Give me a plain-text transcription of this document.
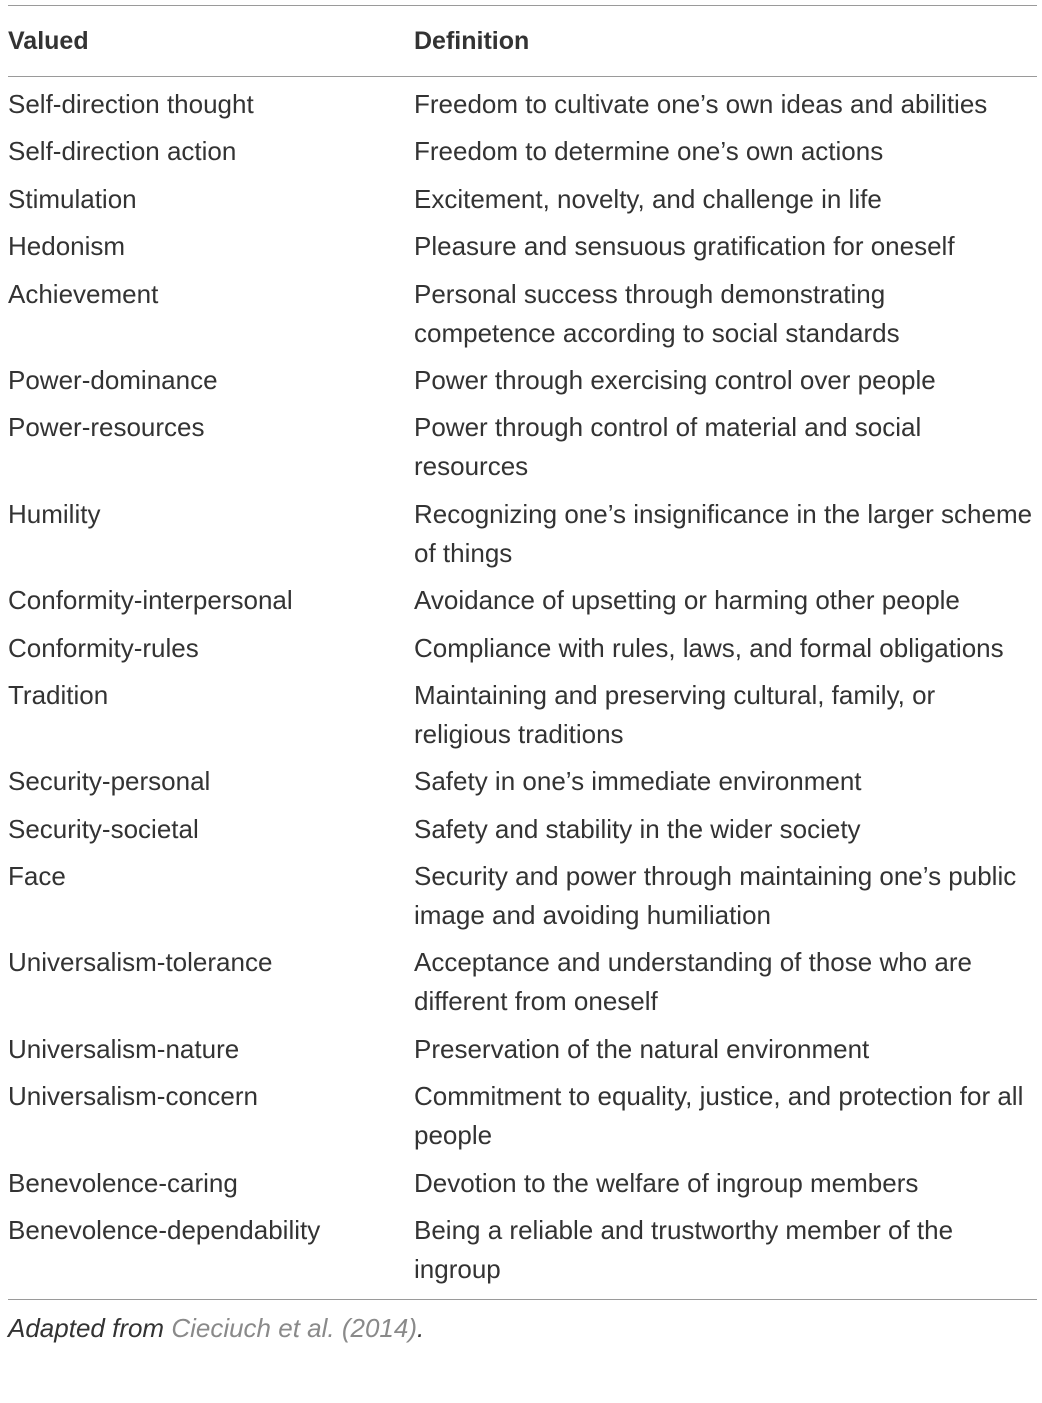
Valued	Definition
Self-direction thought	Freedom to cultivate one’s own ideas and abilities
Self-direction action	Freedom to determine one’s own actions
Stimulation	Excitement, novelty, and challenge in life
Hedonism	Pleasure and sensuous gratification for oneself
Achievement	Personal success through demonstrating competence according to social standards
Power-dominance	Power through exercising control over people
Power-resources	Power through control of material and social resources
Humility	Recognizing one’s insignificance in the larger scheme of things
Conformity-interpersonal	Avoidance of upsetting or harming other people
Conformity-rules	Compliance with rules, laws, and formal obligations
Tradition	Maintaining and preserving cultural, family, or religious traditions
Security-personal	Safety in one’s immediate environment
Security-societal	Safety and stability in the wider society
Face	Security and power through maintaining one’s public image and avoiding humiliation
Universalism-tolerance	Acceptance and understanding of those who are different from oneself
Universalism-nature	Preservation of the natural environment
Universalism-concern	Commitment to equality, justice, and protection for all people
Benevolence-caring	Devotion to the welfare of ingroup members
Benevolence-dependability	Being a reliable and trustworthy member of the ingroup
Adapted from Cieciuch et al. (2014).
